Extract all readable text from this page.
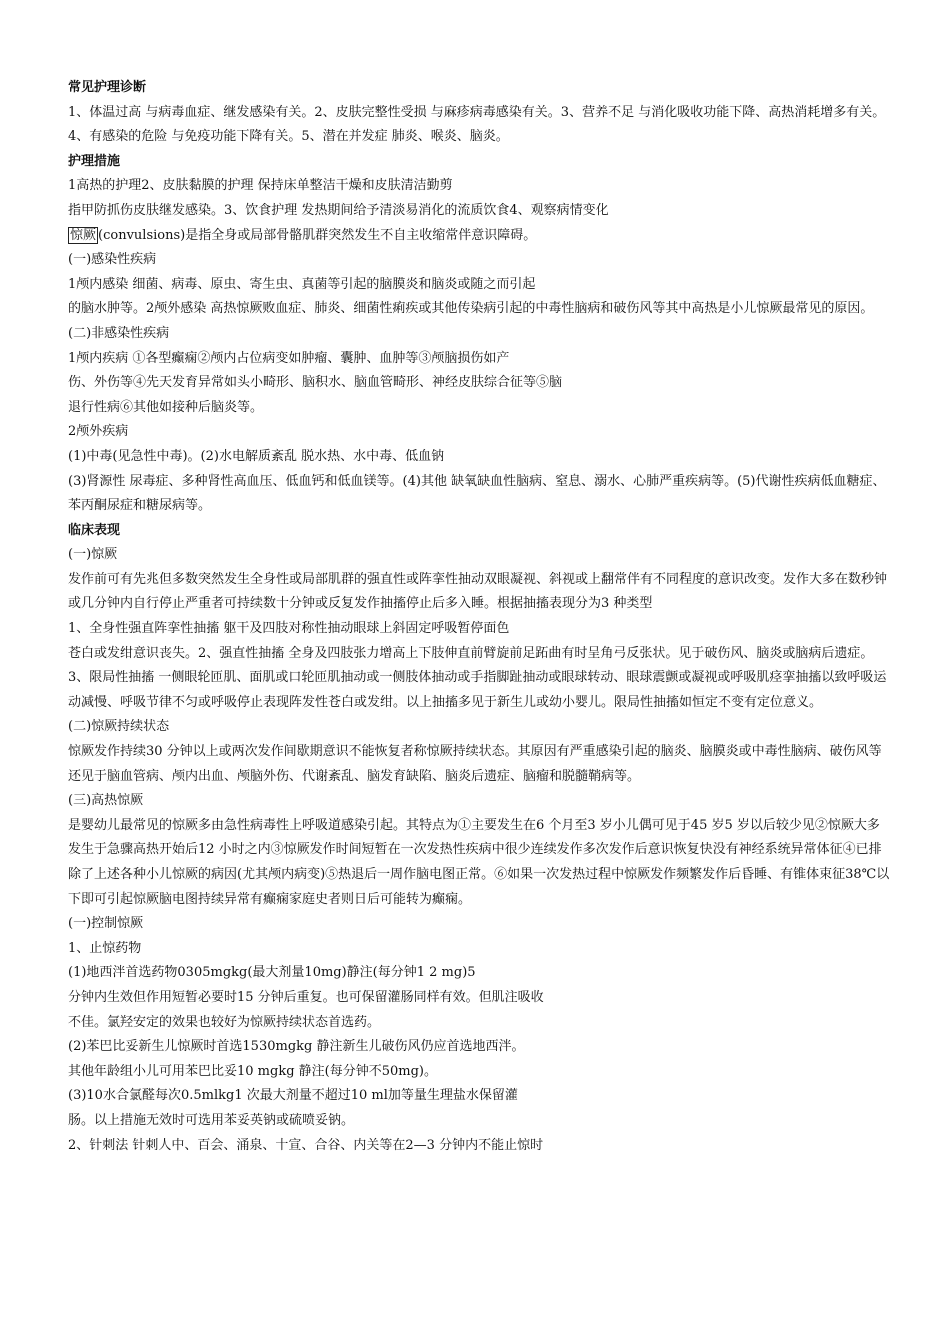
常见护理诊断

1、体温过高 与病毒血症、继发感染有关。2、皮肤完整性受损 与麻疹病毒感染有关。3、营养不足 与消化吸收功能下降、高热消耗增多有关。4、有感染的危险 与免疫功能下降有关。5、潜在并发症 肺炎、喉炎、脑炎。

护理措施

1高热的护理2、皮肤黏膜的护理 保持床单整洁干燥和皮肤清洁勤剪

指甲防抓伤皮肤继发感染。3、饮食护理 发热期间给予清淡易消化的流质饮食4、观察病情变化

惊厥 (convulsions)是指全身或局部骨骼肌群突然发生不自主收缩常伴意识障碍。

(一)感染性疾病

1颅内感染 细菌、病毒、原虫、寄生虫、真菌等引起的脑膜炎和脑炎或随之而引起

的脑水肿等。2颅外感染 高热惊厥败血症、肺炎、细菌性痢疾或其他传染病引起的中毒性脑病和破伤风等其中高热是小儿惊厥最常见的原因。

(二)非感染性疾病

1颅内疾病 ①各型癫痫②颅内占位病变如肿瘤、囊肿、血肿等③颅脑损伤如产

伤、外伤等④先天发育异常如头小畸形、脑积水、脑血管畸形、神经皮肤综合征等⑤脑

退行性病⑥其他如接种后脑炎等。

2颅外疾病

(1)中毒(见急性中毒)。(2)水电解质紊乱 脱水热、水中毒、低血钠

(3)肾源性 尿毒症、多种肾性高血压、低血钙和低血镁等。(4)其他 缺氧缺血性脑病、窒息、溺水、心肺严重疾病等。(5)代谢性疾病低血糖症、苯丙酮尿症和糖尿病等。

临床表现

(一)惊厥

发作前可有先兆但多数突然发生全身性或局部肌群的强直性或阵挛性抽动双眼凝视、斜视或上翻常伴有不同程度的意识改变。发作大多在数秒钟或几分钟内自行停止严重者可持续数十分钟或反复发作抽搐停止后多入睡。根据抽搐表现分为3 种类型

1、全身性强直阵挛性抽搐 躯干及四肢对称性抽动眼球上斜固定呼吸暂停面色

苍白或发绀意识丧失。2、强直性抽搐 全身及四肢张力增高上下肢伸直前臂旋前足跖曲有时呈角弓反张状。见于破伤风、脑炎或脑病后遗症。3、限局性抽搐 一侧眼轮匝肌、面肌或口轮匝肌抽动或一侧肢体抽动或手指脚趾抽动或眼球转动、眼球震颤或凝视或呼吸肌痉挛抽搐以致呼吸运动减慢、呼吸节律不匀或呼吸停止表现阵发性苍白或发绀。以上抽搐多见于新生儿或幼小婴儿。限局性抽搐如恒定不变有定位意义。

(二)惊厥持续状态

惊厥发作持续30 分钟以上或两次发作间歇期意识不能恢复者称惊厥持续状态。其原因有严重感染引起的脑炎、脑膜炎或中毒性脑病、破伤风等还见于脑血管病、颅内出血、颅脑外伤、代谢紊乱、脑发育缺陷、脑炎后遗症、脑瘤和脱髓鞘病等。

(三)高热惊厥

是婴幼儿最常见的惊厥多由急性病毒性上呼吸道感染引起。其特点为①主要发生在6 个月至3 岁小儿偶可见于45 岁5 岁以后较少见②惊厥大多发生于急骤高热开始后12 小时之内③惊厥发作时间短暂在一次发热性疾病中很少连续发作多次发作后意识恢复快没有神经系统异常体征④已排除了上述各种小儿惊厥的病因(尤其颅内病变)⑤热退后一周作脑电图正常。⑥如果一次发热过程中惊厥发作频繁发作后昏睡、有锥体束征38℃以下即可引起惊厥脑电图持续异常有癫痫家庭史者则日后可能转为癫痫。

(一)控制惊厥

1、止惊药物

(1)地西泮首选药物0305mgkg(最大剂量10mg)静注(每分钟1 2 mg)5

分钟内生效但作用短暂必要时15 分钟后重复。也可保留灌肠同样有效。但肌注吸收

不佳。氯羟安定的效果也较好为惊厥持续状态首选药。

(2)苯巴比妥新生儿惊厥时首选1530mgkg 静注新生儿破伤风仍应首选地西泮。

其他年龄组小儿可用苯巴比妥10 mgkg 静注(每分钟不50mg)。

(3)10水合氯醛每次0.5mlkg1 次最大剂量不超过10 ml加等量生理盐水保留灌

肠。以上措施无效时可选用苯妥英钠或硫喷妥钠。

2、针刺法 针刺人中、百会、涌泉、十宣、合谷、内关等在2—3 分钟内不能止惊时
